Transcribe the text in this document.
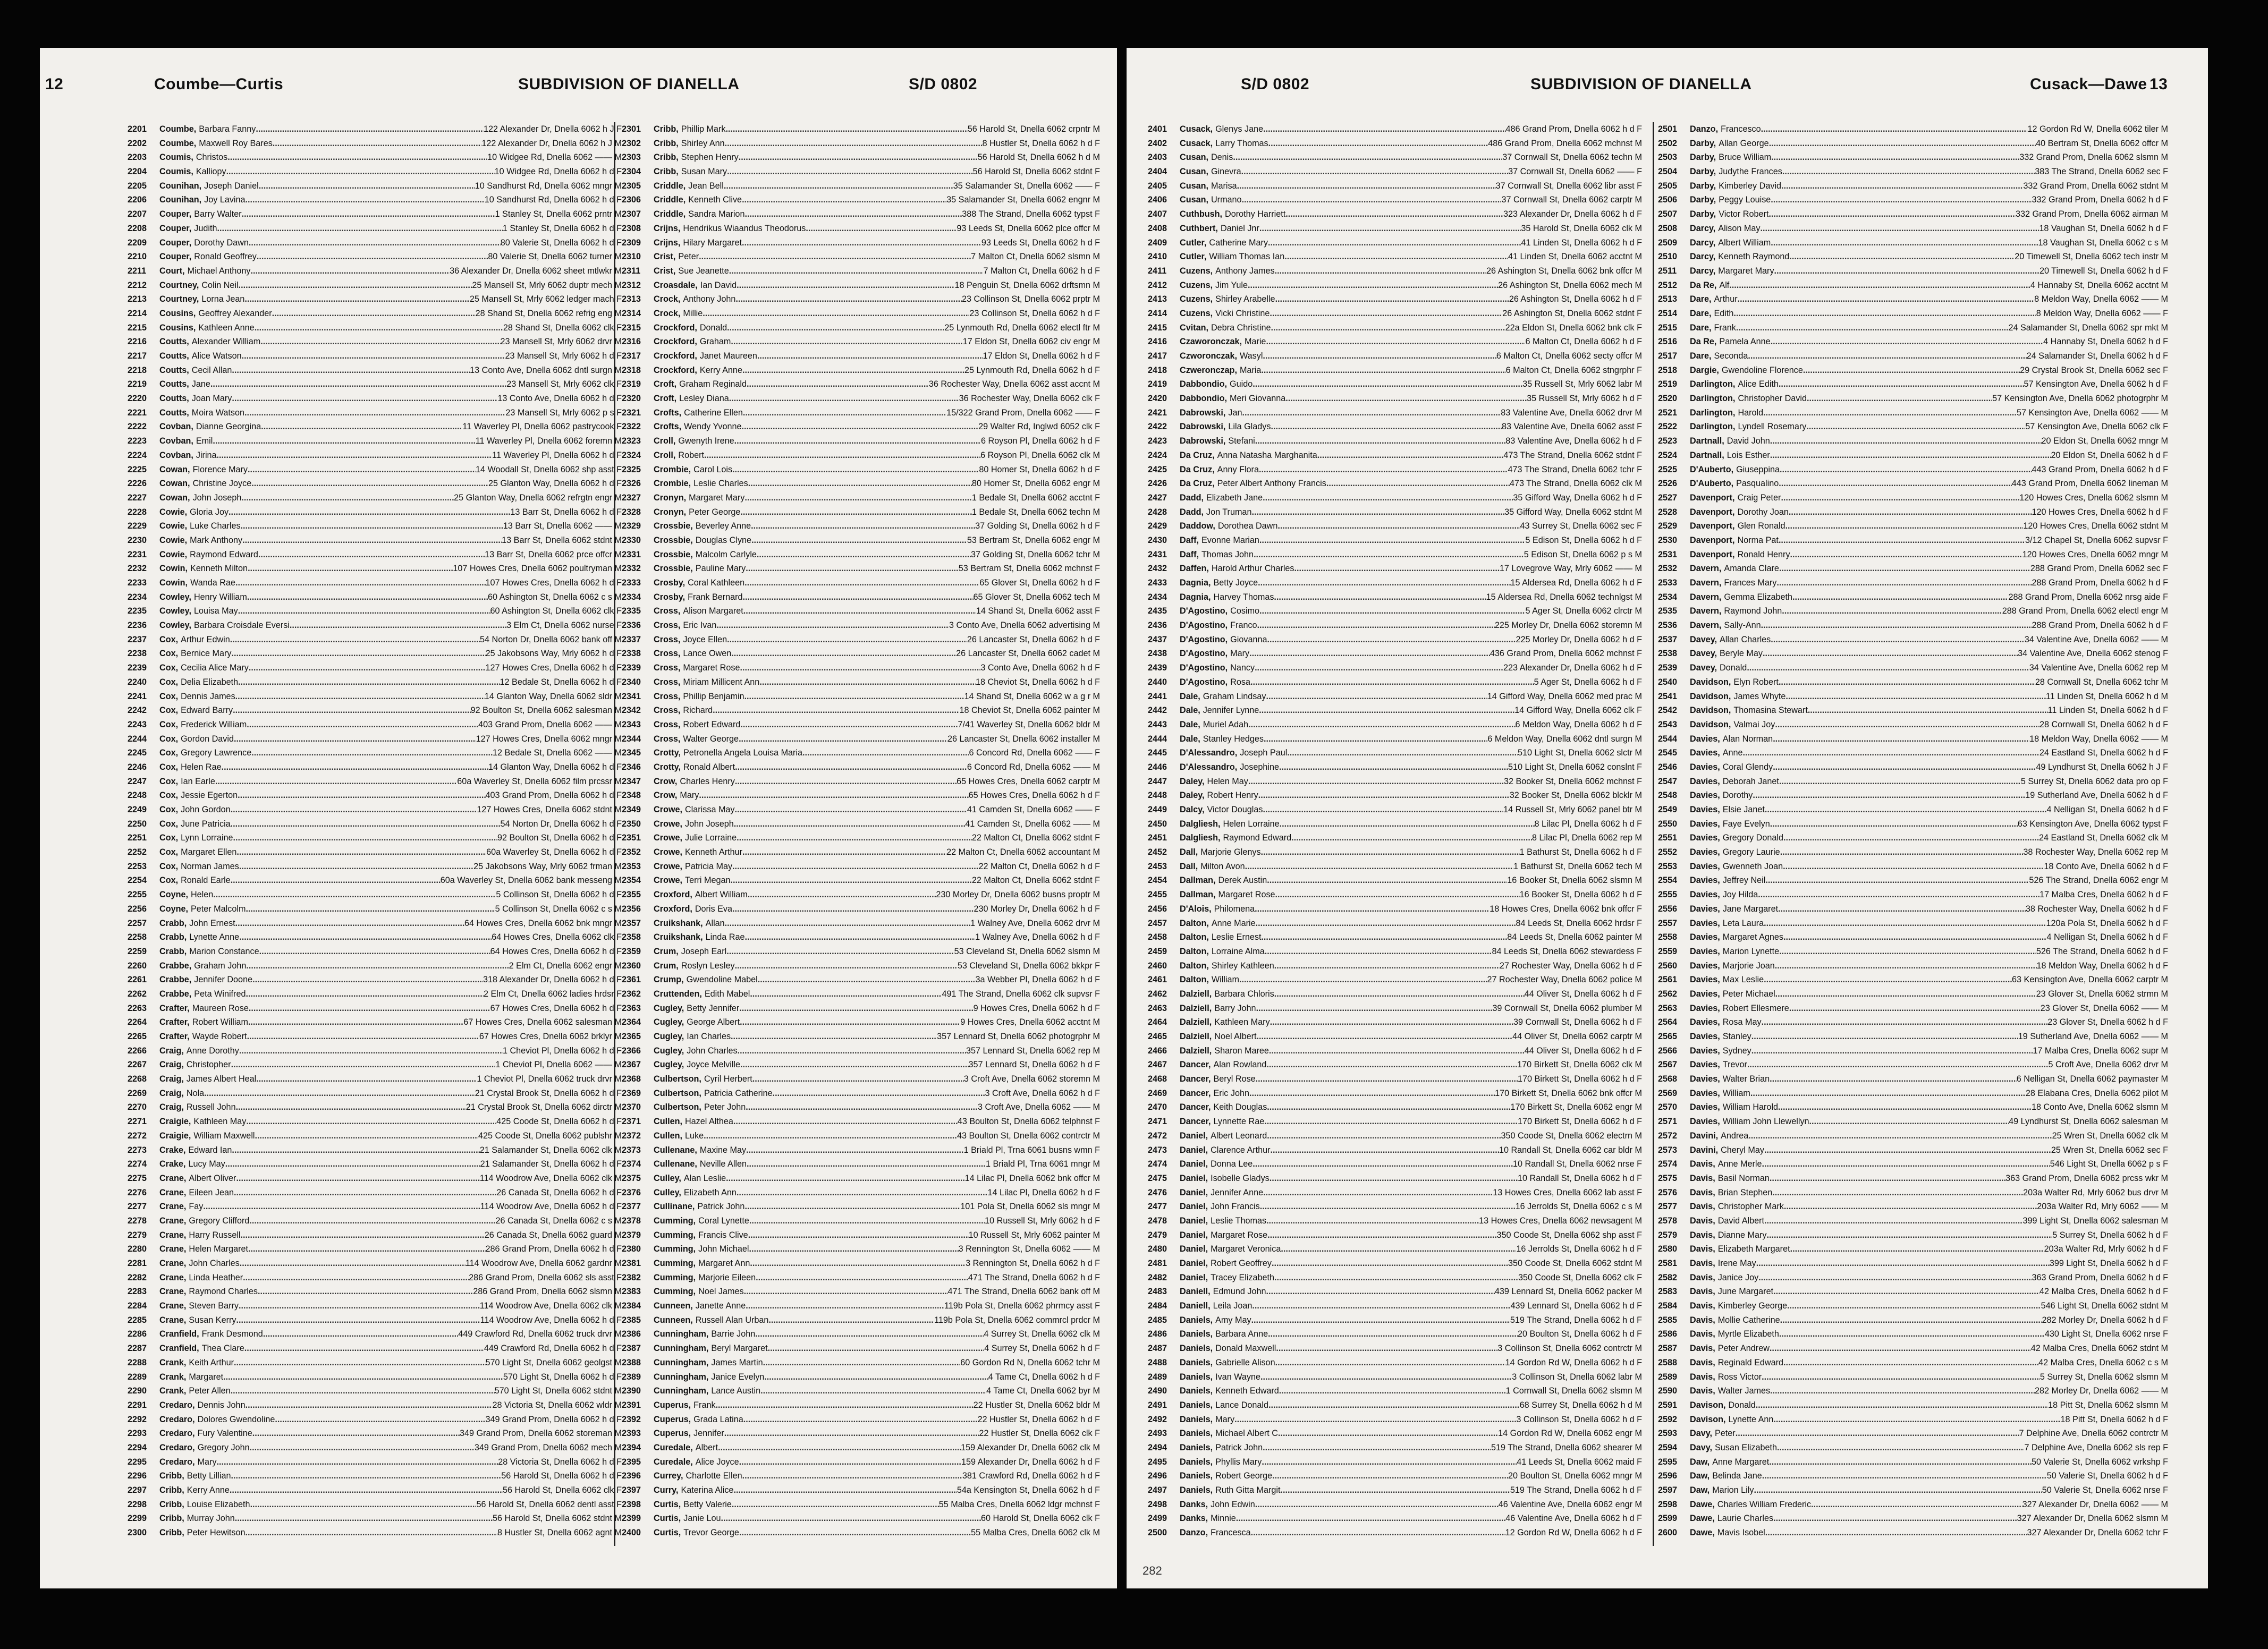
12	Coumbe—Curtis	SUBDIVISION OF DIANELLA	S/D 0802
2201	Coumbe, Barbara Fanny .....	122 Alexander Dr, Dnella 6062 h J F
2202	Coumbe, Maxwell Roy Bares .....	122 Alexander Dr, Dnella 6062 h J M
2203	Coumis, Christos .....	10 Widgee Rd, Dnella 6062 —— M
2204	Coumis, Kalliopy .....	10 Widgee Rd, Dnella 6062 h d F
2205	Counihan, Joseph Daniel .....	10 Sandhurst Rd, Dnella 6062 mngr M
2206	Counihan, Joy Lavina .....	10 Sandhurst Rd, Dnella 6062 h d F
2207	Couper, Barry Walter .....	1 Stanley St, Dnella 6062 prntr M
2208	Couper, Judith .....	1 Stanley St, Dnella 6062 h d F
2209	Couper, Dorothy Dawn .....	80 Valerie St, Dnella 6062 h d F
2210	Couper, Ronald Geoffrey .....	80 Valerie St, Dnella 6062 turner M
2211	Court, Michael Anthony .....	36 Alexander Dr, Dnella 6062 sheet mtlwkr M
2212	Courtney, Colin Neil .....	25 Mansell St, Mrly 6062 duptr mech M
2213	Courtney, Lorna Jean .....	25 Mansell St, Mrly 6062 ledger mach F
2214	Cousins, Geoffrey Alexander .....	28 Shand St, Dnella 6062 refrig eng M
2215	Cousins, Kathleen Anne .....	28 Shand St, Dnella 6062 clk F
2216	Coutts, Alexander William .....	23 Mansell St, Mrly 6062 drvr M
2217	Coutts, Alice Watson .....	23 Mansell St, Mrly 6062 h d F
2218	Coutts, Cecil Allan .....	13 Conto Ave, Dnella 6062 dntl surgn M
2219	Coutts, Jane .....	23 Mansell St, Mrly 6062 clk F
2220	Coutts, Joan Mary .....	13 Conto Ave, Dnella 6062 h d F
2221	Coutts, Moira Watson .....	23 Mansell St, Mrly 6062 p s F
2222	Covban, Dianne Georgina .....	11 Waverley Pl, Dnella 6062 pastrycook F
2223	Covban, Emil .....	11 Waverley Pl, Dnella 6062 foremn M
2224	Covban, Jirina .....	11 Waverley Pl, Dnella 6062 h d F
2225	Cowan, Florence Mary .....	14 Woodall St, Dnella 6062 shp asst F
2226	Cowan, Christine Joyce .....	25 Glanton Way, Dnella 6062 h d F
2227	Cowan, John Joseph .....	25 Glanton Way, Dnella 6062 refrgtn engr M
2228	Cowie, Gloria Joy .....	13 Barr St, Dnella 6062 h d F
2229	Cowie, Luke Charles .....	13 Barr St, Dnella 6062 —— M
2230	Cowie, Mark Anthony .....	13 Barr St, Dnella 6062 stdnt M
2231	Cowie, Raymond Edward .....	13 Barr St, Dnella 6062 prce offcr M
2232	Cowin, Kenneth Milton .....	107 Howes Cres, Dnella 6062 poultryman M
2233	Cowin, Wanda Rae .....	107 Howes Cres, Dnella 6062 h d F
2234	Cowley, Henry William .....	60 Ashington St, Dnella 6062 c s M
2235	Cowley, Louisa May .....	60 Ashington St, Dnella 6062 clk F
2236	Cowley, Barbara Croisdale Eversi .....	3 Elm Ct, Dnella 6062 nurse F
2237	Cox, Arthur Edwin .....	54 Norton Dr, Dnella 6062 bank off M
2238	Cox, Bernice Mary .....	25 Jakobsons Way, Mrly 6062 h d F
2239	Cox, Cecilia Alice Mary .....	127 Howes Cres, Dnella 6062 h d F
2240	Cox, Delia Elizabeth .....	12 Bedale St, Dnella 6062 h d F
2241	Cox, Dennis James .....	14 Glanton Way, Dnella 6062 sldr M
2242	Cox, Edward Barry .....	92 Boulton St, Dnella 6062 salesman M
2243	Cox, Frederick William .....	403 Grand Prom, Dnella 6062 —— M
2244	Cox, Gordon David .....	127 Howes Cres, Dnella 6062 mngr M
2245	Cox, Gregory Lawrence .....	12 Bedale St, Dnella 6062 —— M
2246	Cox, Helen Rae .....	14 Glanton Way, Dnella 6062 h d F
2247	Cox, Ian Earle .....	60a Waverley St, Dnella 6062 film prcssr M
2248	Cox, Jessie Egerton .....	403 Grand Prom, Dnella 6062 h d F
2249	Cox, John Gordon .....	127 Howes Cres, Dnella 6062 stdnt M
2250	Cox, June Patricia .....	54 Norton Dr, Dnella 6062 h d F
2251	Cox, Lynn Lorraine .....	92 Boulton St, Dnella 6062 h d F
2252	Cox, Margaret Ellen .....	60a Waverley St, Dnella 6062 h d F
2253	Cox, Norman James .....	25 Jakobsons Way, Mrly 6062 frman M
2254	Cox, Ronald Earle .....	60a Waverley St, Dnella 6062 bank messeng M
2255	Coyne, Helen .....	5 Collinson St, Dnella 6062 h d F
2256	Coyne, Peter Malcolm .....	5 Collinson St, Dnella 6062 c s M
2257	Crabb, John Ernest .....	64 Howes Cres, Dnella 6062 bnk mngr M
2258	Crabb, Lynette Anne .....	64 Howes Cres, Dnella 6062 clk F
2259	Crabb, Marion Constance .....	64 Howes Cres, Dnella 6062 h d F
2260	Crabbe, Graham John .....	2 Elm Ct, Dnella 6062 engr M
2261	Crabbe, Jennifer Doone .....	318 Alexander Dr, Dnella 6062 h d F
2262	Crabbe, Peta Winifred .....	2 Elm Ct, Dnella 6062 ladies hrdsr F
2263	Crafter, Maureen Rose .....	67 Howes Cres, Dnella 6062 h d F
2264	Crafter, Robert William .....	67 Howes Cres, Dnella 6062 salesman M
2265	Crafter, Wayde Robert .....	67 Howes Cres, Dnella 6062 brklyr M
2266	Craig, Anne Dorothy .....	1 Cheviot Pl, Dnella 6062 h d F
2267	Craig, Christopher .....	1 Cheviot Pl, Dnella 6062 —— M
2268	Craig, James Albert Heal .....	1 Cheviot Pl, Dnella 6062 truck drvr M
2269	Craig, Nola .....	21 Crystal Brook St, Dnella 6062 h d F
2270	Craig, Russell John .....	21 Crystal Brook St, Dnella 6062 dirctr M
2271	Craigie, Kathleen May .....	425 Coode St, Dnella 6062 h d F
2272	Craigie, William Maxwell .....	425 Coode St, Dnella 6062 publshr M
2273	Crake, Edward Ian .....	21 Salamander St, Dnella 6062 clk M
2274	Crake, Lucy May .....	21 Salamander St, Dnella 6062 h d F
2275	Crane, Albert Oliver .....	114 Woodrow Ave, Dnella 6062 clk M
2276	Crane, Eileen Jean .....	26 Canada St, Dnella 6062 h d F
2277	Crane, Fay .....	114 Woodrow Ave, Dnella 6062 h d F
2278	Crane, Gregory Clifford .....	26 Canada St, Dnella 6062 c s M
2279	Crane, Harry Russell .....	26 Canada St, Dnella 6062 guard M
2280	Crane, Helen Margaret .....	286 Grand Prom, Dnella 6062 h d F
2281	Crane, John Charles .....	114 Woodrow Ave, Dnella 6062 gardnr M
2282	Crane, Linda Heather .....	286 Grand Prom, Dnella 6062 sls asst F
2283	Crane, Raymond Charles .....	286 Grand Prom, Dnella 6062 slsmn M
2284	Crane, Steven Barry .....	114 Woodrow Ave, Dnella 6062 clk M
2285	Crane, Susan Kerry .....	114 Woodrow Ave, Dnella 6062 h d F
2286	Cranfield, Frank Desmond .....	449 Crawford Rd, Dnella 6062 truck drvr M
2287	Cranfield, Thea Clare .....	449 Crawford Rd, Dnella 6062 h d F
2288	Crank, Keith Arthur .....	570 Light St, Dnella 6062 geolgst M
2289	Crank, Margaret .....	570 Light St, Dnella 6062 h d F
2290	Crank, Peter Allen .....	570 Light St, Dnella 6062 stdnt M
2291	Credaro, Dennis John .....	28 Victoria St, Dnella 6062 wldr M
2292	Credaro, Dolores Gwendoline .....	349 Grand Prom, Dnella 6062 h d F
2293	Credaro, Fury Valentine .....	349 Grand Prom, Dnella 6062 storeman M
2294	Credaro, Gregory John .....	349 Grand Prom, Dnella 6062 mech M
2295	Credaro, Mary .....	28 Victoria St, Dnella 6062 h d F
2296	Cribb, Betty Lillian .....	56 Harold St, Dnella 6062 h d F
2297	Cribb, Kerry Anne .....	56 Harold St, Dnella 6062 clk F
2298	Cribb, Louise Elizabeth .....	56 Harold St, Dnella 6062 dentl asst F
2299	Cribb, Murray John .....	56 Harold St, Dnella 6062 stdnt M
2300	Cribb, Peter Hewitson .....	8 Hustler St, Dnella 6062 agnt M
2301	Cribb, Phillip Mark .....	56 Harold St, Dnella 6062 crpntr M
2302	Cribb, Shirley Ann .....	8 Hustler St, Dnella 6062 h d F
2303	Cribb, Stephen Henry .....	56 Harold St, Dnella 6062 h d M
2304	Cribb, Susan Mary .....	56 Harold St, Dnella 6062 stdnt F
2305	Criddle, Jean Bell .....	35 Salamander St, Dnella 6062 —— F
2306	Criddle, Kenneth Clive .....	35 Salamander St, Dnella 6062 engnr M
2307	Criddle, Sandra Marion .....	388 The Strand, Dnella 6062 typst F
2308	Crijns, Hendrikus Wiaandus Theodorus .....	93 Leeds St, Dnella 6062 plce offcr M
2309	Crijns, Hilary Margaret .....	93 Leeds St, Dnella 6062 h d F
2310	Crist, Peter .....	7 Malton Ct, Dnella 6062 slsmn M
2311	Crist, Sue Jeanette .....	7 Malton Ct, Dnella 6062 h d F
2312	Croasdale, Ian David .....	18 Penguin St, Dnella 6062 drftsmn M
2313	Crock, Anthony John .....	23 Collinson St, Dnella 6062 prptr M
2314	Crock, Millie .....	23 Collinson St, Dnella 6062 h d F
2315	Crockford, Donald .....	25 Lynmouth Rd, Dnella 6062 electl ftr M
2316	Crockford, Graham .....	17 Eldon St, Dnella 6062 civ engr M
2317	Crockford, Janet Maureen .....	17 Eldon St, Dnella 6062 h d F
2318	Crockford, Kerry Anne .....	25 Lynmouth Rd, Dnella 6062 h d F
2319	Croft, Graham Reginald .....	36 Rochester Way, Dnella 6062 asst accnt M
2320	Croft, Lesley Diana .....	36 Rochester Way, Dnella 6062 clk F
2321	Crofts, Catherine Ellen .....	15/322 Grand Prom, Dnella 6062 —— F
2322	Crofts, Wendy Yvonne .....	29 Walter Rd, Inglwd 6052 clk F
2323	Croll, Gwenyth Irene .....	6 Royson Pl, Dnella 6062 h d F
2324	Croll, Robert .....	6 Royson Pl, Dnella 6062 clk M
2325	Crombie, Carol Lois .....	80 Homer St, Dnella 6062 h d F
2326	Crombie, Leslie Charles .....	80 Homer St, Dnella 6062 engr M
2327	Cronyn, Margaret Mary .....	1 Bedale St, Dnella 6062 acctnt F
2328	Cronyn, Peter George .....	1 Bedale St, Dnella 6062 techn M
2329	Crossbie, Beverley Anne .....	37 Golding St, Dnella 6062 h d F
2330	Crossbie, Douglas Clyne .....	53 Bertram St, Dnella 6062 engr M
2331	Crossbie, Malcolm Carlyle .....	37 Golding St, Dnella 6062 tchr M
2332	Crossbie, Pauline Mary .....	53 Bertram St, Dnella 6062 mchnst F
2333	Crosby, Coral Kathleen .....	65 Glover St, Dnella 6062 h d F
2334	Crosby, Frank Bernard .....	65 Glover St, Dnella 6062 tech M
2335	Cross, Alison Margaret .....	14 Shand St, Dnella 6062 asst F
2336	Cross, Eric Ivan .....	3 Conto Ave, Dnella 6062 advertising M
2337	Cross, Joyce Ellen .....	26 Lancaster St, Dnella 6062 h d F
2338	Cross, Lance Owen .....	26 Lancaster St, Dnella 6062 cadet M
2339	Cross, Margaret Rose .....	3 Conto Ave, Dnella 6062 h d F
2340	Cross, Miriam Millicent Ann .....	18 Cheviot St, Dnella 6062 h d F
2341	Cross, Phillip Benjamin .....	14 Shand St, Dnella 6062 w a g r M
2342	Cross, Richard .....	18 Cheviot St, Dnella 6062 painter M
2343	Cross, Robert Edward .....	7/41 Waverley St, Dnella 6062 bldr M
2344	Cross, Walter George .....	26 Lancaster St, Dnella 6062 installer M
2345	Crotty, Petronella Angela Louisa Maria .....	6 Concord Rd, Dnella 6062 —— F
2346	Crotty, Ronald Albert .....	6 Concord Rd, Dnella 6062 —— M
2347	Crow, Charles Henry .....	65 Howes Cres, Dnella 6062 carptr M
2348	Crow, Mary .....	65 Howes Cres, Dnella 6062 h d F
2349	Crowe, Clarissa May .....	41 Camden St, Dnella 6062 —— F
2350	Crowe, John Joseph .....	41 Camden St, Dnella 6062 —— M
2351	Crowe, Julie Lorraine .....	22 Malton Ct, Dnella 6062 stdnt F
2352	Crowe, Kenneth Arthur .....	22 Malton Ct, Dnella 6062 accountant M
2353	Crowe, Patricia May .....	22 Malton Ct, Dnella 6062 h d F
2354	Crowe, Terri Megan .....	22 Malton Ct, Dnella 6062 stdnt F
2355	Croxford, Albert William .....	230 Morley Dr, Dnella 6062 busns proptr M
2356	Croxford, Doris Eva .....	230 Morley Dr, Dnella 6062 h d F
2357	Cruikshank, Allan .....	1 Walney Ave, Dnella 6062 drvr M
2358	Cruikshank, Linda Rae .....	1 Walney Ave, Dnella 6062 h d F
2359	Crum, Joseph Earl .....	53 Cleveland St, Dnella 6062 slsmn M
2360	Crum, Roslyn Lesley .....	53 Cleveland St, Dnella 6062 bkkpr F
2361	Crump, Gwendoline Mabel .....	3a Webber Pl, Dnella 6062 h d F
2362	Cruttenden, Edith Mabel .....	491 The Strand, Dnella 6062 clk supvsr F
2363	Cugley, Betty Jennifer .....	9 Howes Cres, Dnella 6062 h d F
2364	Cugley, George Albert .....	9 Howes Cres, Dnella 6062 acctnt M
2365	Cugley, Ian Charles .....	357 Lennard St, Dnella 6062 photogrphr M
2366	Cugley, John Charles .....	357 Lennard St, Dnella 6062 rep M
2367	Cugley, Joyce Melville .....	357 Lennard St, Dnella 6062 h d F
2368	Culbertson, Cyril Herbert .....	3 Croft Ave, Dnella 6062 storemn M
2369	Culbertson, Patricia Catherine .....	3 Croft Ave, Dnella 6062 h d F
2370	Culbertson, Peter John .....	3 Croft Ave, Dnella 6062 —— M
2371	Cullen, Hazel Althea .....	43 Boulton St, Dnella 6062 telphnst F
2372	Cullen, Luke .....	43 Boulton St, Dnella 6062 contrctr M
2373	Cullenane, Maxine May .....	1 Briald Pl, Trna 6061 busns wmn F
2374	Cullenane, Neville Allen .....	1 Briald Pl, Trna 6061 mngr M
2375	Culley, Alan Leslie .....	14 Lilac Pl, Dnella 6062 bnk offcr M
2376	Culley, Elizabeth Ann .....	14 Lilac Pl, Dnella 6062 h d F
2377	Cullinane, Patrick John .....	101 Pola St, Dnella 6062 sls mngr M
2378	Cumming, Coral Lynette .....	10 Russell St, Mrly 6062 h d F
2379	Cumming, Francis Clive .....	10 Russell St, Mrly 6062 painter M
2380	Cumming, John Michael .....	3 Rennington St, Dnella 6062 —— M
2381	Cumming, Margaret Ann .....	3 Rennington St, Dnella 6062 h d F
2382	Cumming, Marjorie Eileen .....	471 The Strand, Dnella 6062 h d F
2383	Cumming, Noel James .....	471 The Strand, Dnella 6062 bank off M
2384	Cunneen, Janette Anne .....	119b Pola St, Dnella 6062 phrmcy asst F
2385	Cunneen, Russell Alan Urban .....	119b Pola St, Dnella 6062 commrcl prdcr M
2386	Cunningham, Barrie John .....	4 Surrey St, Dnella 6062 clk M
2387	Cunningham, Beryl Margaret .....	4 Surrey St, Dnella 6062 h d F
2388	Cunningham, James Martin .....	60 Gordon Rd N, Dnella 6062 tchr M
2389	Cunningham, Janice Evelyn .....	4 Tame Ct, Dnella 6062 h d F
2390	Cunningham, Lance Austin .....	4 Tame Ct, Dnella 6062 byr M
2391	Cuperus, Frank .....	22 Hustler St, Dnella 6062 bldr M
2392	Cuperus, Grada Latina .....	22 Hustler St, Dnella 6062 h d F
2393	Cuperus, Jennifer .....	22 Hustler St, Dnella 6062 clk F
2394	Curedale, Albert .....	159 Alexander Dr, Dnella 6062 clk M
2395	Curedale, Alice Joyce .....	159 Alexander Dr, Dnella 6062 h d F
2396	Currey, Charlotte Ellen .....	381 Crawford Rd, Dnella 6062 h d F
2397	Curry, Katerina Alice .....	54a Kensington St, Dnella 6062 h d F
2398	Curtis, Betty Valerie .....	55 Malba Cres, Dnella 6062 ldgr mchnst F
2399	Curtis, Janie Lou .....	60 Harold St, Dnella 6062 clk F
2400	Curtis, Trevor George .....	55 Malba Cres, Dnella 6062 clk M
S/D 0802	SUBDIVISION OF DIANELLA	Cusack—Dawe 13
2401	Cusack, Glenys Jane .....	486 Grand Prom, Dnella 6062 h d F
2402	Cusack, Larry Thomas .....	486 Grand Prom, Dnella 6062 mchnst M
2403	Cusan, Denis .....	37 Cornwall St, Dnella 6062 techn M
2404	Cusan, Ginevra .....	37 Cornwall St, Dnella 6062 —— F
2405	Cusan, Marisa .....	37 Cornwall St, Dnella 6062 libr asst F
2406	Cusan, Urmano .....	37 Cornwall St, Dnella 6062 carptr M
2407	Cuthbush, Dorothy Harriett .....	323 Alexander Dr, Dnella 6062 h d F
2408	Cuthbert, Daniel Jnr .....	35 Harold St, Dnella 6062 clk M
2409	Cutler, Catherine Mary .....	41 Linden St, Dnella 6062 h d F
2410	Cutler, William Thomas Ian .....	41 Linden St, Dnella 6062 acctnt M
2411	Cuzens, Anthony James .....	26 Ashington St, Dnella 6062 bnk offcr M
2412	Cuzens, Jim Yule .....	26 Ashington St, Dnella 6062 mech M
2413	Cuzens, Shirley Arabelle .....	26 Ashington St, Dnella 6062 h d F
2414	Cuzens, Vicki Christine .....	26 Ashington St, Dnella 6062 stdnt F
2415	Cvitan, Debra Christine .....	22a Eldon St, Dnella 6062 bnk clk F
2416	Czaworonczak, Marie .....	6 Malton Ct, Dnella 6062 h d F
2417	Czworonczak, Wasyl .....	6 Malton Ct, Dnella 6062 secty offcr M
2418	Czweronczap, Maria .....	6 Malton Ct, Dnella 6062 stngrphr F
2419	Dabbondio, Guido .....	35 Russell St, Mrly 6062 labr M
2420	Dabbondio, Meri Giovanna .....	35 Russell St, Mrly 6062 h d F
2421	Dabrowski, Jan .....	83 Valentine Ave, Dnella 6062 drvr M
2422	Dabrowski, Lila Gladys .....	83 Valentine Ave, Dnella 6062 asst F
2423	Dabrowski, Stefani .....	83 Valentine Ave, Dnella 6062 h d F
2424	Da Cruz, Anna Natasha Marghanita .....	473 The Strand, Dnella 6062 stdnt F
2425	Da Cruz, Anny Flora .....	473 The Strand, Dnella 6062 tchr F
2426	Da Cruz, Peter Albert Anthony Francis .....	473 The Strand, Dnella 6062 clk M
2427	Dadd, Elizabeth Jane .....	35 Gifford Way, Dnella 6062 h d F
2428	Dadd, Jon Truman .....	35 Gifford Way, Dnella 6062 stdnt M
2429	Daddow, Dorothea Dawn .....	43 Surrey St, Dnella 6062 sec F
2430	Daff, Evonne Marian .....	5 Edison St, Dnella 6062 h d F
2431	Daff, Thomas John .....	5 Edison St, Dnella 6062 p s M
2432	Daffen, Harold Arthur Charles .....	17 Lovegrove Way, Mrly 6062 —— M
2433	Dagnia, Betty Joyce .....	15 Aldersea Rd, Dnella 6062 h d F
2434	Dagnia, Harvey Thomas .....	15 Aldersea Rd, Dnella 6062 technlgst M
2435	D'Agostino, Cosimo .....	5 Ager St, Dnella 6062 clrctr M
2436	D'Agostino, Franco .....	225 Morley Dr, Dnella 6062 storemn M
2437	D'Agostino, Giovanna .....	225 Morley Dr, Dnella 6062 h d F
2438	D'Agostino, Mary .....	436 Grand Prom, Dnella 6062 mchnst F
2439	D'Agostino, Nancy .....	223 Alexander Dr, Dnella 6062 h d F
2440	D'Agostino, Rosa .....	5 Ager St, Dnella 6062 h d F
2441	Dale, Graham Lindsay .....	14 Gifford Way, Dnella 6062 med prac M
2442	Dale, Jennifer Lynne .....	14 Gifford Way, Dnella 6062 clk F
2443	Dale, Muriel Adah .....	6 Meldon Way, Dnella 6062 h d F
2444	Dale, Stanley Hedges .....	6 Meldon Way, Dnella 6062 dntl surgn M
2445	D'Alessandro, Joseph Paul .....	510 Light St, Dnella 6062 slctr M
2446	D'Alessandro, Josephine .....	510 Light St, Dnella 6062 conslnt F
2447	Daley, Helen May .....	32 Booker St, Dnella 6062 mchnst F
2448	Daley, Robert Henry .....	32 Booker St, Dnella 6062 blcklr M
2449	Dalcy, Victor Douglas .....	14 Russell St, Mrly 6062 panel btr M
2450	Dalgliesh, Helen Lorraine .....	8 Lilac Pl, Dnella 6062 h d F
2451	Dalgliesh, Raymond Edward .....	8 Lilac Pl, Dnella 6062 rep M
2452	Dall, Marjorie Glenys .....	1 Bathurst St, Dnella 6062 h d F
2453	Dall, Milton Avon .....	1 Bathurst St, Dnella 6062 tech M
2454	Dallman, Derek Austin .....	16 Booker St, Dnella 6062 slsmn M
2455	Dallman, Margaret Rose .....	16 Booker St, Dnella 6062 h d F
2456	D'Alois, Philomena .....	18 Howes Cres, Dnella 6062 bnk offcr F
2457	Dalton, Anne Marie .....	84 Leeds St, Dnella 6062 hrdsr F
2458	Dalton, Leslie Ernest .....	84 Leeds St, Dnella 6062 painter M
2459	Dalton, Lorraine Alma .....	84 Leeds St, Dnella 6062 stewardess F
2460	Dalton, Shirley Kathleen .....	27 Rochester Way, Dnella 6062 h d F
2461	Dalton, William .....	27 Rochester Way, Dnella 6062 police M
2462	Dalziell, Barbara Chloris .....	44 Oliver St, Dnella 6062 h d F
2463	Dalziell, Barry John .....	39 Cornwall St, Dnella 6062 plumber M
2464	Dalziell, Kathleen Mary .....	39 Cornwall St, Dnella 6062 h d F
2465	Dalziell, Noel Albert .....	44 Oliver St, Dnella 6062 carptr M
2466	Dalziell, Sharon Maree .....	44 Oliver St, Dnella 6062 h d F
2467	Dancer, Alan Rowland .....	170 Birkett St, Dnella 6062 clk M
2468	Dancer, Beryl Rose .....	170 Birkett St, Dnella 6062 h d F
2469	Dancer, Eric John .....	170 Birkett St, Dnella 6062 bnk offcr M
2470	Dancer, Keith Douglas .....	170 Birkett St, Dnella 6062 engr M
2471	Dancer, Lynnette Rae .....	170 Birkett St, Dnella 6062 h d F
2472	Daniel, Albert Leonard .....	350 Coode St, Dnella 6062 electrn M
2473	Daniel, Clarence Arthur .....	10 Randall St, Dnella 6062 car bldr M
2474	Daniel, Donna Lee .....	10 Randall St, Dnella 6062 nrse F
2475	Daniel, Isobelle Gladys .....	10 Randall St, Dnella 6062 h d F
2476	Daniel, Jennifer Anne .....	13 Howes Cres, Dnella 6062 lab asst F
2477	Daniel, John Francis .....	16 Jerrolds St, Dnella 6062 c s M
2478	Daniel, Leslie Thomas .....	13 Howes Cres, Dnella 6062 newsagent M
2479	Daniel, Margaret Rose .....	350 Coode St, Dnella 6062 shp asst F
2480	Daniel, Margaret Veronica .....	16 Jerrolds St, Dnella 6062 h d F
2481	Daniel, Robert Geoffrey .....	350 Coode St, Dnella 6062 stdnt M
2482	Daniel, Tracey Elizabeth .....	350 Coode St, Dnella 6062 clk F
2483	Daniell, Edmund John .....	439 Lennard St, Dnella 6062 packer M
2484	Daniell, Leila Joan .....	439 Lennard St, Dnella 6062 h d F
2485	Daniels, Amy May .....	519 The Strand, Dnella 6062 h d F
2486	Daniels, Barbara Anne .....	20 Boulton St, Dnella 6062 h d F
2487	Daniels, Donald Maxwell .....	3 Collinson St, Dnella 6062 contrctr M
2488	Daniels, Gabrielle Alison .....	14 Gordon Rd W, Dnella 6062 h d F
2489	Daniels, Ivan Wayne .....	3 Collinson St, Dnella 6062 labr M
2490	Daniels, Kenneth Edward .....	1 Cornwall St, Dnella 6062 slsmn M
2491	Daniels, Lance Donald .....	68 Surrey St, Dnella 6062 h d M
2492	Daniels, Mary .....	3 Collinson St, Dnella 6062 h d F
2493	Daniels, Michael Albert C .....	14 Gordon Rd W, Dnella 6062 engr M
2494	Daniels, Patrick John .....	519 The Strand, Dnella 6062 shearer M
2495	Daniels, Phyllis Mary .....	41 Leeds St, Dnella 6062 maid F
2496	Daniels, Robert George .....	20 Boulton St, Dnella 6062 mngr M
2497	Daniels, Ruth Gitta Margit .....	519 The Strand, Dnella 6062 h d F
2498	Danks, John Edwin .....	46 Valentine Ave, Dnella 6062 engr M
2499	Danks, Minnie .....	46 Valentine Ave, Dnella 6062 h d F
2500	Danzo, Francesca .....	12 Gordon Rd W, Dnella 6062 h d F
2501	Danzo, Francesco .....	12 Gordon Rd W, Dnella 6062 tiler M
2502	Darby, Allan George .....	40 Bertram St, Dnella 6062 offcr M
2503	Darby, Bruce William .....	332 Grand Prom, Dnella 6062 slsmn M
2504	Darby, Judythe Frances .....	383 The Strand, Dnella 6062 sec F
2505	Darby, Kimberley David .....	332 Grand Prom, Dnella 6062 stdnt M
2506	Darby, Peggy Louise .....	332 Grand Prom, Dnella 6062 h d F
2507	Darby, Victor Robert .....	332 Grand Prom, Dnella 6062 airman M
2508	Darcy, Alison May .....	18 Vaughan St, Dnella 6062 h d F
2509	Darcy, Albert William .....	18 Vaughan St, Dnella 6062 c s M
2510	Darcy, Kenneth Raymond .....	20 Timewell St, Dnella 6062 tech instr M
2511	Darcy, Margaret Mary .....	20 Timewell St, Dnella 6062 h d F
2512	Da Re, Alf .....	4 Hannaby St, Dnella 6062 acctnt M
2513	Dare, Arthur .....	8 Meldon Way, Dnella 6062 —— M
2514	Dare, Edith .....	8 Meldon Way, Dnella 6062 —— F
2515	Dare, Frank .....	24 Salamander St, Dnella 6062 spr mkt M
2516	Da Re, Pamela Anne .....	4 Hannaby St, Dnella 6062 h d F
2517	Dare, Seconda .....	24 Salamander St, Dnella 6062 h d F
2518	Dargie, Gwendoline Florence .....	29 Crystal Brook St, Dnella 6062 sec F
2519	Darlington, Alice Edith .....	57 Kensington Ave, Dnella 6062 h d F
2520	Darlington, Christopher David .....	57 Kensington Ave, Dnella 6062 photogrphr M
2521	Darlington, Harold .....	57 Kensington Ave, Dnella 6062 —— M
2522	Darlington, Lyndell Rosemary .....	57 Kensington Ave, Dnella 6062 clk F
2523	Dartnall, David John .....	20 Eldon St, Dnella 6062 mngr M
2524	Dartnall, Lois Esther .....	20 Eldon St, Dnella 6062 h d F
2525	D'Auberto, Giuseppina .....	443 Grand Prom, Dnella 6062 h d F
2526	D'Auberto, Pasqualino .....	443 Grand Prom, Dnella 6062 lineman M
2527	Davenport, Craig Peter .....	120 Howes Cres, Dnella 6062 slsmn M
2528	Davenport, Dorothy Joan .....	120 Howes Cres, Dnella 6062 h d F
2529	Davenport, Glen Ronald .....	120 Howes Cres, Dnella 6062 stdnt M
2530	Davenport, Norma Pat .....	3/12 Chapel St, Dnella 6062 supvsr F
2531	Davenport, Ronald Henry .....	120 Howes Cres, Dnella 6062 mngr M
2532	Davern, Amanda Clare .....	288 Grand Prom, Dnella 6062 sec F
2533	Davern, Frances Mary .....	288 Grand Prom, Dnella 6062 h d F
2534	Davern, Gemma Elizabeth .....	288 Grand Prom, Dnella 6062 nrsg aide F
2535	Davern, Raymond John .....	288 Grand Prom, Dnella 6062 electl engr M
2536	Davern, Sally-Ann .....	288 Grand Prom, Dnella 6062 h d F
2537	Davey, Allan Charles .....	34 Valentine Ave, Dnella 6062 —— M
2538	Davey, Beryle May .....	34 Valentine Ave, Dnella 6062 stenog F
2539	Davey, Donald .....	34 Valentine Ave, Dnella 6062 rep M
2540	Davidson, Elyn Robert .....	28 Cornwall St, Dnella 6062 tchr M
2541	Davidson, James Whyte .....	11 Linden St, Dnella 6062 h d M
2542	Davidson, Thomasina Stewart .....	11 Linden St, Dnella 6062 h d F
2543	Davidson, Valmai Joy .....	28 Cornwall St, Dnella 6062 h d F
2544	Davies, Alan Norman .....	18 Meldon Way, Dnella 6062 —— M
2545	Davies, Anne .....	24 Eastland St, Dnella 6062 h d F
2546	Davies, Coral Glendy .....	49 Lyndhurst St, Dnella 6062 h J F
2547	Davies, Deborah Janet .....	5 Surrey St, Dnella 6062 data pro op F
2548	Davies, Dorothy .....	19 Sutherland Ave, Dnella 6062 h d F
2549	Davies, Elsie Janet .....	4 Nelligan St, Dnella 6062 h d F
2550	Davies, Faye Evelyn .....	63 Kensington Ave, Dnella 6062 typst F
2551	Davies, Gregory Donald .....	24 Eastland St, Dnella 6062 clk M
2552	Davies, Gregory Laurie .....	38 Rochester Way, Dnella 6062 rep M
2553	Davies, Gwenneth Joan .....	18 Conto Ave, Dnella 6062 h d F
2554	Davies, Jeffrey Neil .....	526 The Strand, Dnella 6062 engr M
2555	Davies, Joy Hilda .....	17 Malba Cres, Dnella 6062 h d F
2556	Davies, Jane Margaret .....	38 Rochester Way, Dnella 6062 h d F
2557	Davies, Leta Laura .....	120a Pola St, Dnella 6062 h d F
2558	Davies, Margaret Agnes .....	4 Nelligan St, Dnella 6062 h d F
2559	Davies, Marion Lynette .....	526 The Strand, Dnella 6062 h d F
2560	Davies, Marjorie Joan .....	18 Meldon Way, Dnella 6062 h d F
2561	Davies, Max Leslie .....	63 Kensington Ave, Dnella 6062 carptr M
2562	Davies, Peter Michael .....	23 Glover St, Dnella 6062 strmn M
2563	Davies, Robert Ellesmere .....	23 Glover St, Dnella 6062 —— M
2564	Davies, Rosa May .....	23 Glover St, Dnella 6062 h d F
2565	Davies, Stanley .....	19 Sutherland Ave, Dnella 6062 —— M
2566	Davies, Sydney .....	17 Malba Cres, Dnella 6062 supr M
2567	Davies, Trevor .....	5 Croft Ave, Dnella 6062 drvr M
2568	Davies, Walter Brian .....	6 Nelligan St, Dnella 6062 paymaster M
2569	Davies, William .....	28 Elabana Cres, Dnella 6062 pilot M
2570	Davies, William Harold .....	18 Conto Ave, Dnella 6062 slsmn M
2571	Davies, William John Llewellyn .....	49 Lyndhurst St, Dnella 6062 salesman M
2572	Davini, Andrea .....	25 Wren St, Dnella 6062 clk M
2573	Davini, Cheryl May .....	25 Wren St, Dnella 6062 sec F
2574	Davis, Anne Merle .....	546 Light St, Dnella 6062 p s F
2575	Davis, Basil Norman .....	363 Grand Prom, Dnella 6062 prcss wkr M
2576	Davis, Brian Stephen .....	203a Walter Rd, Mrly 6062 bus drvr M
2577	Davis, Christopher Mark .....	203a Walter Rd, Mrly 6062 —— M
2578	Davis, David Albert .....	399 Light St, Dnella 6062 salesman M
2579	Davis, Dianne Mary .....	5 Surrey St, Dnella 6062 h d F
2580	Davis, Elizabeth Margaret .....	203a Walter Rd, Mrly 6062 h d F
2581	Davis, Irene May .....	399 Light St, Dnella 6062 h d F
2582	Davis, Janice Joy .....	363 Grand Prom, Dnella 6062 h d F
2583	Davis, June Margaret .....	42 Malba Cres, Dnella 6062 h d F
2584	Davis, Kimberley George .....	546 Light St, Dnella 6062 stdnt M
2585	Davis, Mollie Catherine .....	282 Morley Dr, Dnella 6062 h d F
2586	Davis, Myrtle Elizabeth .....	430 Light St, Dnella 6062 nrse F
2587	Davis, Peter Andrew .....	42 Malba Cres, Dnella 6062 stdnt M
2588	Davis, Reginald Edward .....	42 Malba Cres, Dnella 6062 c s M
2589	Davis, Ross Victor .....	5 Surrey St, Dnella 6062 slsmn M
2590	Davis, Walter James .....	282 Morley Dr, Dnella 6062 —— M
2591	Davison, Donald .....	18 Pitt St, Dnella 6062 slsmn M
2592	Davison, Lynette Ann .....	18 Pitt St, Dnella 6062 h d F
2593	Davy, Peter .....	7 Delphine Ave, Dnella 6062 contrctr M
2594	Davy, Susan Elizabeth .....	7 Delphine Ave, Dnella 6062 sls rep F
2595	Daw, Anne Margaret .....	50 Valerie St, Dnella 6062 wrkshp F
2596	Daw, Belinda Jane .....	50 Valerie St, Dnella 6062 h d F
2597	Daw, Marion Lily .....	50 Valerie St, Dnella 6062 nrse F
2598	Dawe, Charles William Frederic .....	327 Alexander Dr, Dnella 6062 —— M
2599	Dawe, Laurie Charles .....	327 Alexander Dr, Dnella 6062 slsmn M
2600	Dawe, Mavis Isobel .....	327 Alexander Dr, Dnella 6062 tchr F
282
